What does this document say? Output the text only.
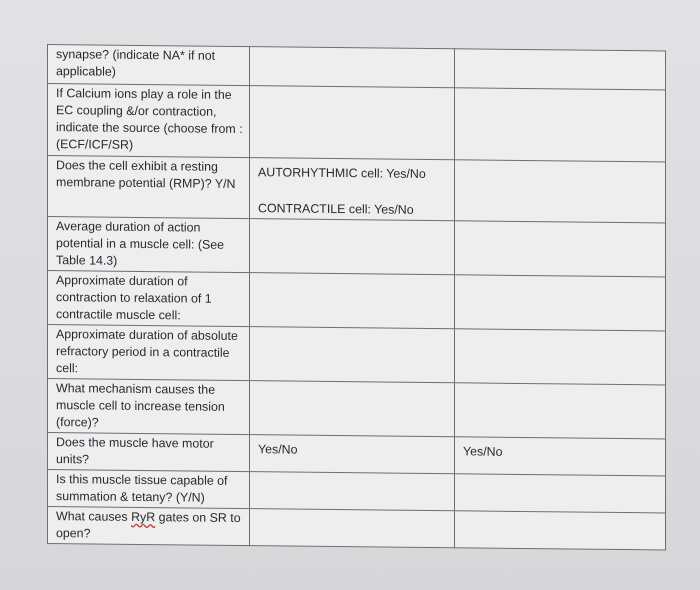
synapse? (indicate NA* if not applicable)		
If Calcium ions play a role in the EC coupling &/or contraction, indicate the source (choose from : (ECF/ICF/SR)		
Does the cell exhibit a resting membrane potential (RMP)? Y/N	AUTORHYTHMIC cell: Yes/No
CONTRACTILE cell: Yes/No	

Average duration of action potential in a muscle cell: (See Table 14.3)		
Approximate duration of contraction to relaxation of 1 contractile muscle cell:		
Approximate duration of absolute refractory period in a contractile cell:		
What mechanism causes the muscle cell to increase tension (force)?		
Does the muscle have motor units?	Yes/No	Yes/No

Is this muscle tissue capable of summation & tetany? (Y/N)		
What causes RyR gates on SR to open?		
